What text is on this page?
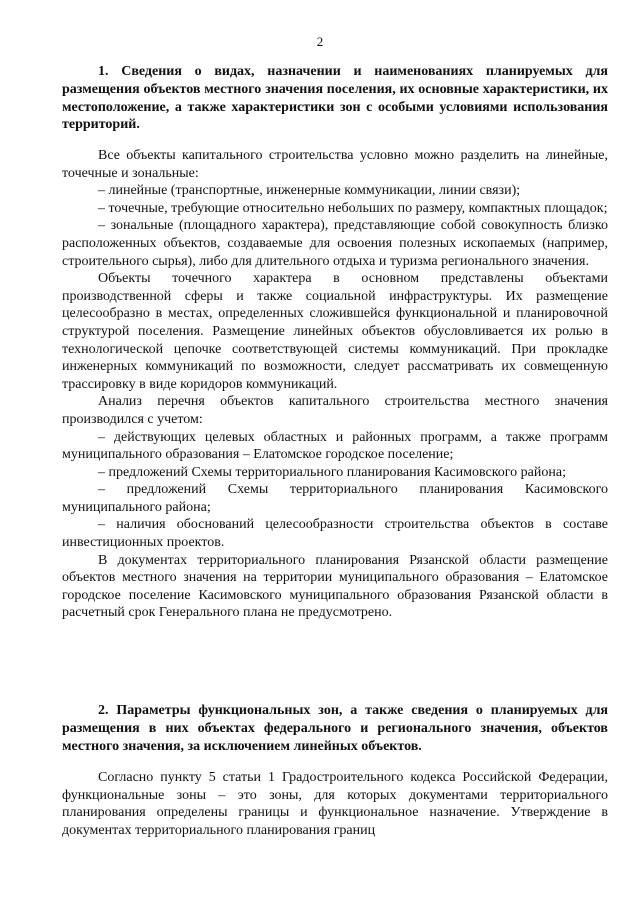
2
1. Сведения о видах, назначении и наименованиях планируемых для размещения объектов местного значения поселения, их основные характеристики, их местоположение, а также характеристики зон с особыми условиями использования территорий.

Все объекты капитального строительства условно можно разделить на линейные, точечные и зональные:

– линейные (транспортные, инженерные коммуникации, линии связи);

– точечные, требующие относительно небольших по размеру, компактных площадок;

– зональные (площадного характера), представляющие собой совокупность близко расположенных объектов, создаваемые для освоения полезных ископаемых (например, строительного сырья), либо для длительного отдыха и туризма регионального значения.

Объекты точечного характера в основном представлены объектами производственной сферы и также социальной инфраструктуры. Их размещение целесообразно в местах, определенных сложившейся функциональной и планировочной структурой поселения. Размещение линейных объектов обусловливается их ролью в технологической цепочке соответствующей системы коммуникаций. При прокладке инженерных коммуникаций по возможности, следует рассматривать их совмещенную трассировку в виде коридоров коммуникаций.

Анализ перечня объектов капитального строительства местного значения производился с учетом:

– действующих целевых областных и районных программ, а также программ муниципального образования – Елатомское городское поселение;

– предложений Схемы территориального планирования Касимовского района;

– предложений Схемы территориального планирования Касимовского муниципального района;

– наличия обоснований целесообразности строительства объектов в составе инвестиционных проектов.

В документах территориального планирования Рязанской области размещение объектов местного значения на территории муниципального образования – Елатомское городское поселение Касимовского муниципального образования Рязанской области в расчетный срок Генерального плана не предусмотрено.

2. Параметры функциональных зон, а также сведения о планируемых для размещения в них объектах федерального и регионального значения, объектов местного значения, за исключением линейных объектов.

Согласно пункту 5 статьи 1 Градостроительного кодекса Российской Федерации, функциональные зоны – это зоны, для которых документами территориального планирования определены границы и функциональное назначение. Утверждение в документах территориального планирования границ
